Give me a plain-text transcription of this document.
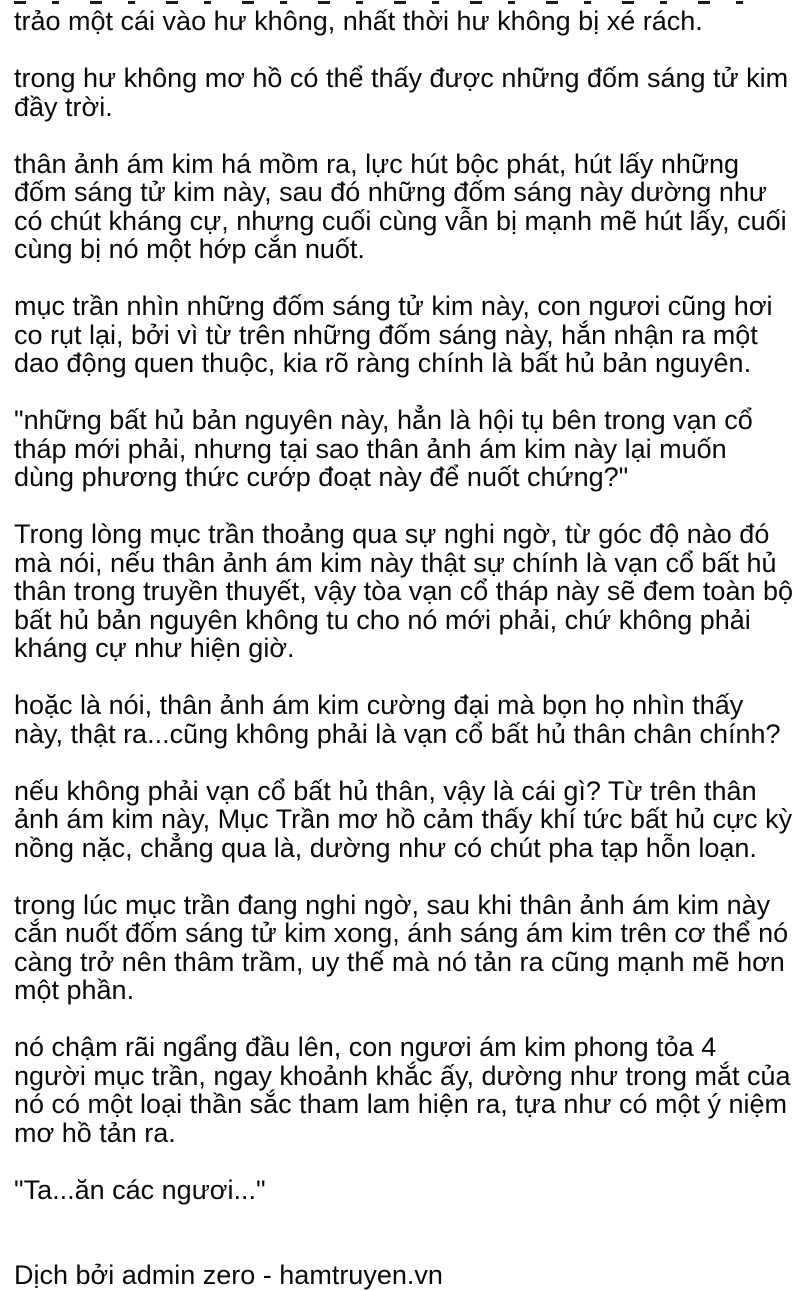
trảo một cái vào hư không, nhất thời hư không bị xé rách.

trong hư không mơ hồ có thể thấy được những đốm sáng tử kim đầy trời.

thân ảnh ám kim há mồm ra, lực hút bộc phát, hút lấy những đốm sáng tử kim này, sau đó những đốm sáng này dường như có chút kháng cự, nhưng cuối cùng vẫn bị mạnh mẽ hút lấy, cuối cùng bị nó một hớp cắn nuốt.

mục trần nhìn những đốm sáng tử kim này, con ngươi cũng hơi co rụt lại, bởi vì từ trên những đốm sáng này, hắn nhận ra một dao động quen thuộc, kia rõ ràng chính là bất hủ bản nguyên.

"những bất hủ bản nguyên này, hẳn là hội tụ bên trong vạn cổ tháp mới phải, nhưng tại sao thân ảnh ám kim này lại muốn dùng phương thức cướp đoạt này để nuốt chứng?"

Trong lòng mục trần thoảng qua sự nghi ngờ, từ góc độ nào đó mà nói, nếu thân ảnh ám kim này thật sự chính là vạn cổ bất hủ thân trong truyền thuyết, vậy tòa vạn cổ tháp này sẽ đem toàn bộ bất hủ bản nguyên không tu cho nó mới phải, chứ không phải kháng cự như hiện giờ.

hoặc là nói, thân ảnh ám kim cường đại mà bọn họ nhìn thấy này, thật ra...cũng không phải là vạn cổ bất hủ thân chân chính?

nếu không phải vạn cổ bất hủ thân, vậy là cái gì? Từ trên thân ảnh ám kim này, Mục Trần mơ hồ cảm thấy khí tức bất hủ cực kỳ nồng nặc, chẳng qua là, dường như có chút pha tạp hỗn loạn.

trong lúc mục trần đang nghi ngờ, sau khi thân ảnh ám kim này cắn nuốt đốm sáng tử kim xong, ánh sáng ám kim trên cơ thể nó càng trở nên thâm trầm, uy thế mà nó tản ra cũng mạnh mẽ hơn một phần.

nó chậm rãi ngẩng đầu lên, con ngươi ám kim phong tỏa 4 người mục trần, ngay khoảnh khắc ấy, dường như trong mắt của nó có một loại thần sắc tham lam hiện ra, tựa như có một ý niệm mơ hồ tản ra.

"Ta...ăn các ngươi..."

Dịch bởi admin zero - hamtruyen.vn
